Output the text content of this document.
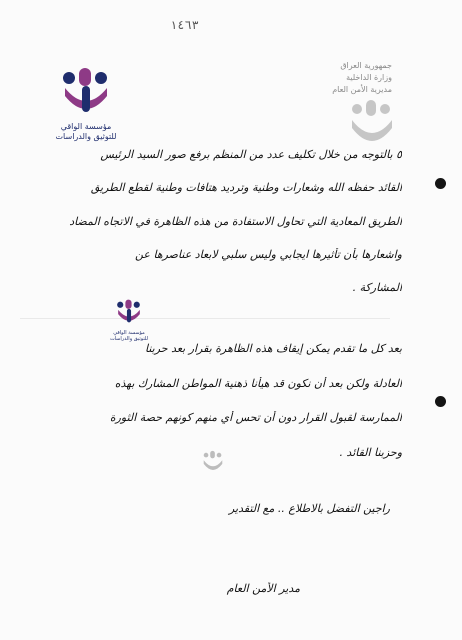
١٤٦٣
جمهورية العراق
وزارة الداخلية
مديرية الأمن العام
مؤسسة الواقي
للتوثيق والدراسات
٥ بالتوجه من خلال تكليف عدد من المنظم برفع صور السيد الرئيس
القائد حفظه الله وشعارات وطنية وترديد هتافات وطنية لقطع الطريق
الطريق المعادية التي تحاول الاستفادة من هذه الظاهرة في الاتجاه المضاد
واشعارها بأن تأثيرها ايجابي وليس سلبي لابعاد عناصرها عن
المشاركة .
مؤسسة الواقي
للتوثيق والدراسات
بعد كل ما تقدم يمكن إيقاف هذه الظاهرة بقرار بعد حربنا
العادلة ولكن بعد أن نكون قد هيأنا ذهنية المواطن المشارك بهذه
الممارسة لقبول القرار دون أن تحس أي منهم كونهم حصة الثورة
وحزبنا القائد .
راجين التفضل بالاطلاع .. مع التقدير
مدير الأمن العام
